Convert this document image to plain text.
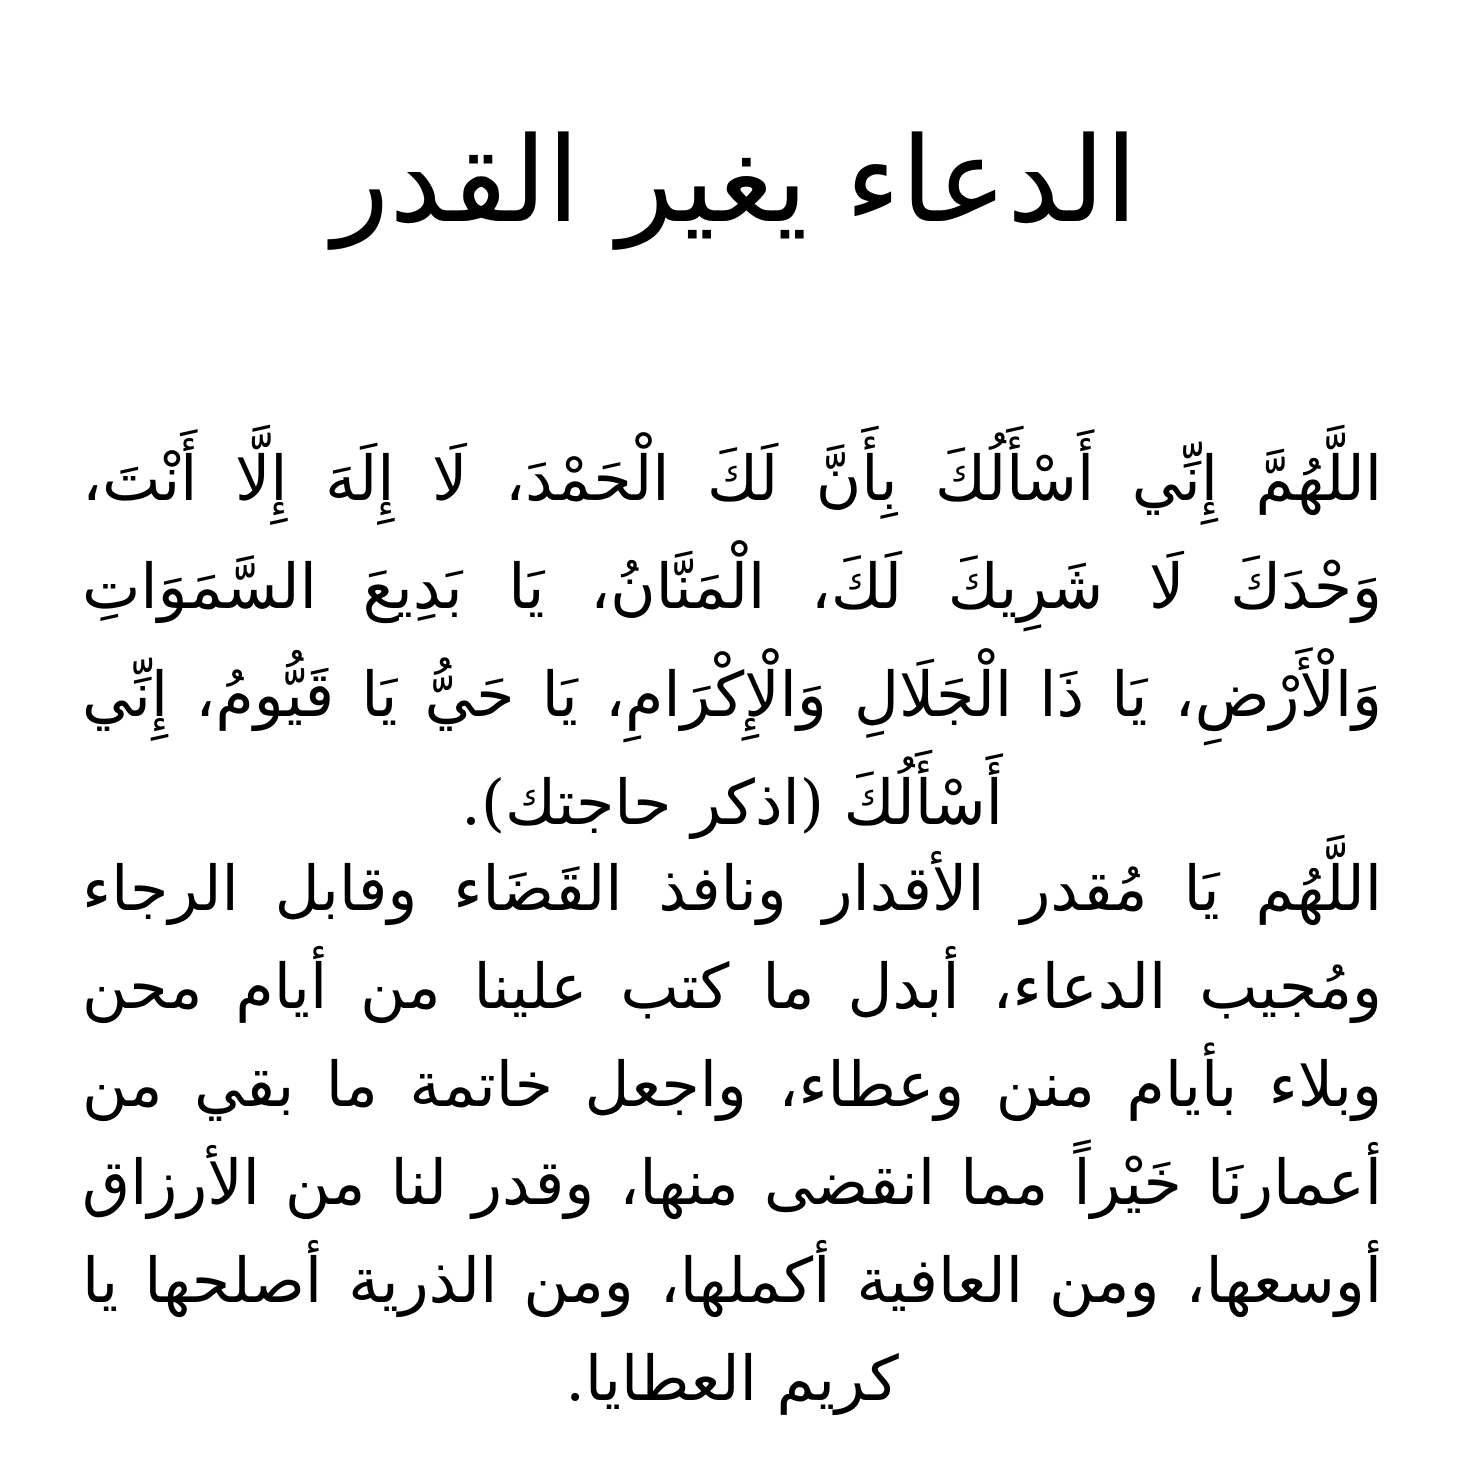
الدعاء يغير القدر

اللَّهُمَّ إِنِّي أَسْأَلُكَ بِأَنَّ لَكَ الْحَمْدَ، لَا إِلَهَ إِلَّا أَنْتَ، وَحْدَكَ لَا شَرِيكَ لَكَ، الْمَنَّانُ، يَا بَدِيعَ السَّمَوَاتِ وَالْأَرْضِ، يَا ذَا الْجَلَالِ وَالْإِكْرَامِ، يَا حَيُّ يَا قَيُّومُ، إِنِّي أَسْأَلُكَ (اذكر حاجتك).

اللَّهُم يَا مُقدر الأقدار ونافذ القَضَاء وقابل الرجاء ومُجيب الدعاء، أبدل ما كتب علينا من أيام محن وبلاء بأيام منن وعطاء، واجعل خاتمة ما بقي من أعمارنَا خَيْراً مما انقضى منها، وقدر لنا من الأرزاق أوسعها، ومن العافية أكملها، ومن الذرية أصلحها يا كريم العطايا.
